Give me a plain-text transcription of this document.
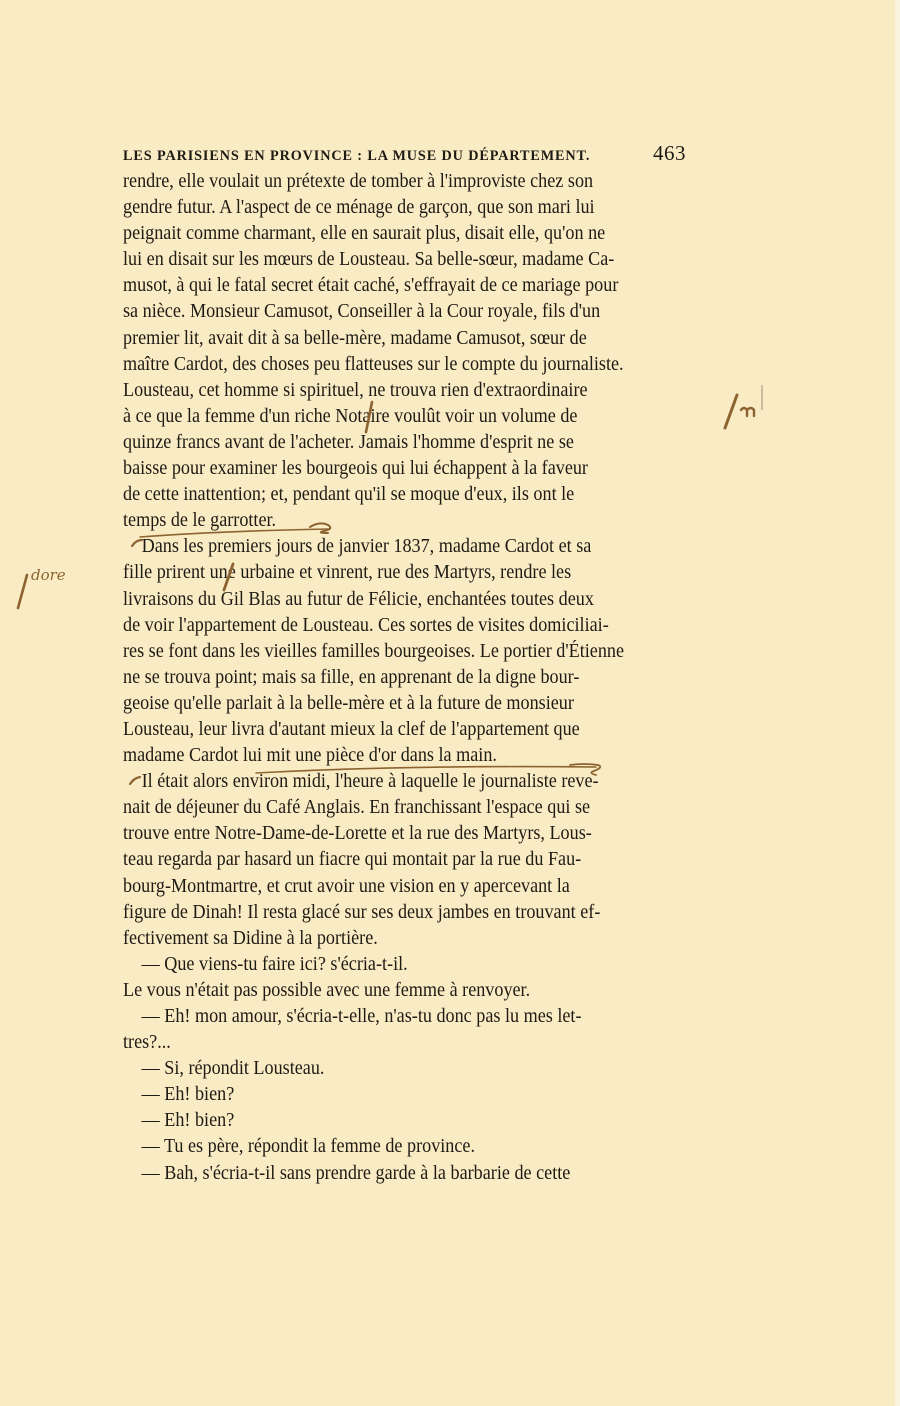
LES PARISIENS EN PROVINCE : LA MUSE DU DÉPARTEMENT.	463
rendre, elle voulait un prétexte de tomber à l'improviste chez son
gendre futur. A l'aspect de ce ménage de garçon, que son mari lui
peignait comme charmant, elle en saurait plus, disait elle, qu'on ne
lui en disait sur les mœurs de Lousteau. Sa belle-sœur, madame Ca-
musot, à qui le fatal secret était caché, s'effrayait de ce mariage pour
sa nièce. Monsieur Camusot, Conseiller à la Cour royale, fils d'un
premier lit, avait dit à sa belle-mère, madame Camusot, sœur de
maître Cardot, des choses peu flatteuses sur le compte du journaliste.
Lousteau, cet homme si spirituel, ne trouva rien d'extraordinaire
à ce que la femme d'un riche Notaire voulût voir un volume de
quinze francs avant de l'acheter. Jamais l'homme d'esprit ne se
baisse pour examiner les bourgeois qui lui échappent à la faveur
de cette inattention; et, pendant qu'il se moque d'eux, ils ont le
temps de le garrotter.
Dans les premiers jours de janvier 1837, madame Cardot et sa
fille prirent une urbaine et vinrent, rue des Martyrs, rendre les
livraisons du Gil Blas au futur de Félicie, enchantées toutes deux
de voir l'appartement de Lousteau. Ces sortes de visites domiciliai-
res se font dans les vieilles familles bourgeoises. Le portier d'Étienne
ne se trouva point; mais sa fille, en apprenant de la digne bour-
geoise qu'elle parlait à la belle-mère et à la future de monsieur
Lousteau, leur livra d'autant mieux la clef de l'appartement que
madame Cardot lui mit une pièce d'or dans la main.
Il était alors environ midi, l'heure à laquelle le journaliste reve-
nait de déjeuner du Café Anglais. En franchissant l'espace qui se
trouve entre Notre-Dame-de-Lorette et la rue des Martyrs, Lous-
teau regarda par hasard un fiacre qui montait par la rue du Fau-
bourg-Montmartre, et crut avoir une vision en y apercevant la
figure de Dinah! Il resta glacé sur ses deux jambes en trouvant ef-
fectivement sa Didine à la portière.
— Que viens-tu faire ici? s'écria-t-il.
Le vous n'était pas possible avec une femme à renvoyer.
— Eh! mon amour, s'écria-t-elle, n'as-tu donc pas lu mes let-
tres?...
— Si, répondit Lousteau.
— Eh! bien?
— Eh! bien?
— Tu es père, répondit la femme de province.
— Bah, s'écria-t-il sans prendre garde à la barbarie de cette
dore
